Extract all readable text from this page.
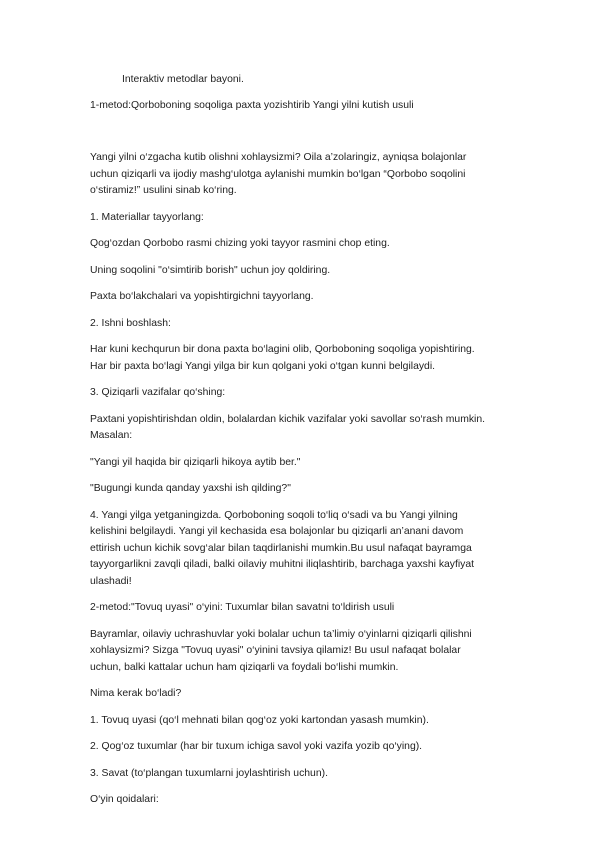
Interaktiv metodlar bayoni.

1-metod:Qorboboning soqoliga paxta yozishtirib Yangi yilni kutish usuli

Yangi yilni o‘zgacha kutib olishni xohlaysizmi? Oila a’zolaringiz, ayniqsa bolajonlar uchun qiziqarli va ijodiy mashg‘ulotga aylanishi mumkin bo‘lgan “Qorbobo soqolini o‘stiramiz!” usulini sinab ko‘ring.

1. Materiallar tayyorlang:

Qog‘ozdan Qorbobo rasmi chizing yoki tayyor rasmini chop eting.

Uning soqolini "o‘simtirib borish" uchun joy qoldiring.

Paxta bo‘lakchalari va yopishtirgichni tayyorlang.

2. Ishni boshlash:

Har kuni kechqurun bir dona paxta bo‘lagini olib, Qorboboning soqoliga yopishtiring. Har bir paxta bo‘lagi Yangi yilga bir kun qolgani yoki o‘tgan kunni belgilaydi.

3. Qiziqarli vazifalar qo‘shing:

Paxtani yopishtirishdan oldin, bolalardan kichik vazifalar yoki savollar so‘rash mumkin. Masalan:

"Yangi yil haqida bir qiziqarli hikoya aytib ber."

"Bugungi kunda qanday yaxshi ish qilding?"

4. Yangi yilga yetganingizda. Qorboboning soqoli to‘liq o‘sadi va bu Yangi yilning kelishini belgilaydi. Yangi yil kechasida esa bolajonlar bu qiziqarli an’anani davom ettirish uchun kichik sovg‘alar bilan taqdirlanishi mumkin.Bu usul nafaqat bayramga tayyorgarlikni zavqli qiladi, balki oilaviy muhitni iliqlashtirib, barchaga yaxshi kayfiyat ulashadi!

2-metod:"Tovuq uyasi" o‘yini: Tuxumlar bilan savatni to‘ldirish usuli

Bayramlar, oilaviy uchrashuvlar yoki bolalar uchun ta’limiy o‘yinlarni qiziqarli qilishni xohlaysizmi? Sizga "Tovuq uyasi" o‘yinini tavsiya qilamiz! Bu usul nafaqat bolalar uchun, balki kattalar uchun ham qiziqarli va foydali bo‘lishi mumkin.

Nima kerak bo‘ladi?

1. Tovuq uyasi (qo‘l mehnati bilan qog‘oz yoki kartondan yasash mumkin).

2. Qog‘oz tuxumlar (har bir tuxum ichiga savol yoki vazifa yozib qo‘ying).

3. Savat (to‘plangan tuxumlarni joylashtirish uchun).

O‘yin qoidalari:
